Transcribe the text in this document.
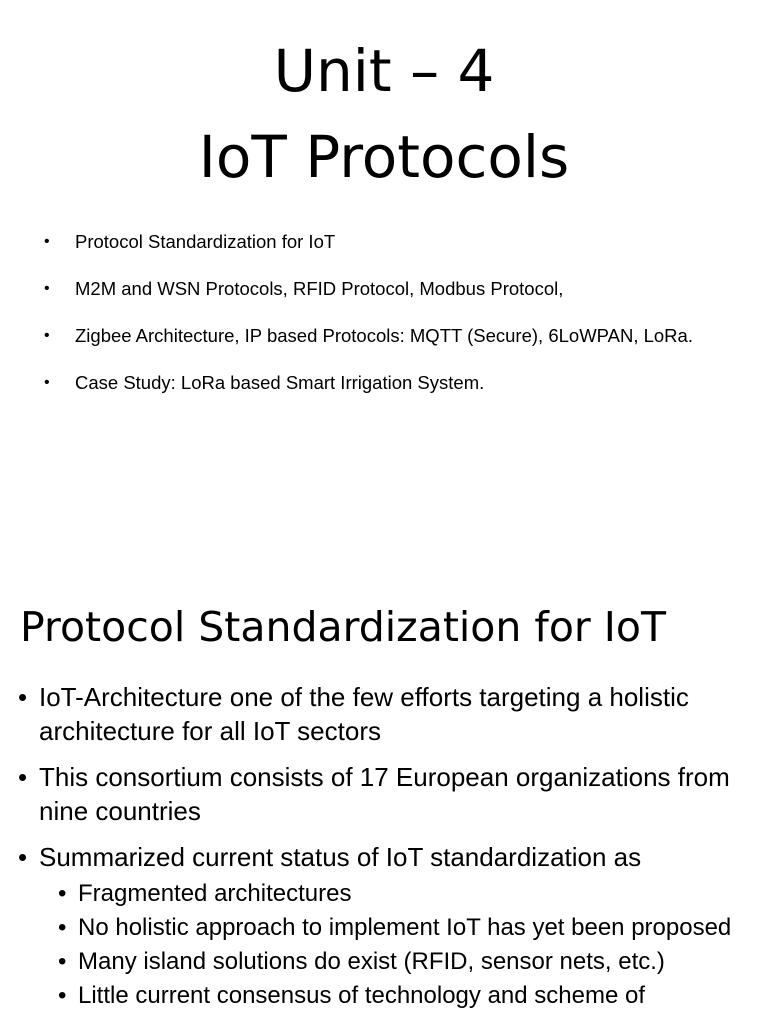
Unit – 4
IoT Protocols
• Protocol Standardization for IoT
• M2M and WSN Protocols, RFID Protocol, Modbus Protocol,
• Zigbee Architecture, IP based Protocols: MQTT (Secure), 6LoWPAN, LoRa.
• Case Study: LoRa based Smart Irrigation System.
Protocol Standardization for IoT
• IoT-Architecture one of the few efforts targeting a holistic architecture for all IoT sectors
• This consortium consists of 17 European organizations from nine countries
• Summarized current status of IoT standardization as
• Fragmented architectures
• No holistic approach to implement IoT has yet been proposed
• Many island solutions do exist (RFID, sensor nets, etc.)
• Little current consensus of technology and scheme of
